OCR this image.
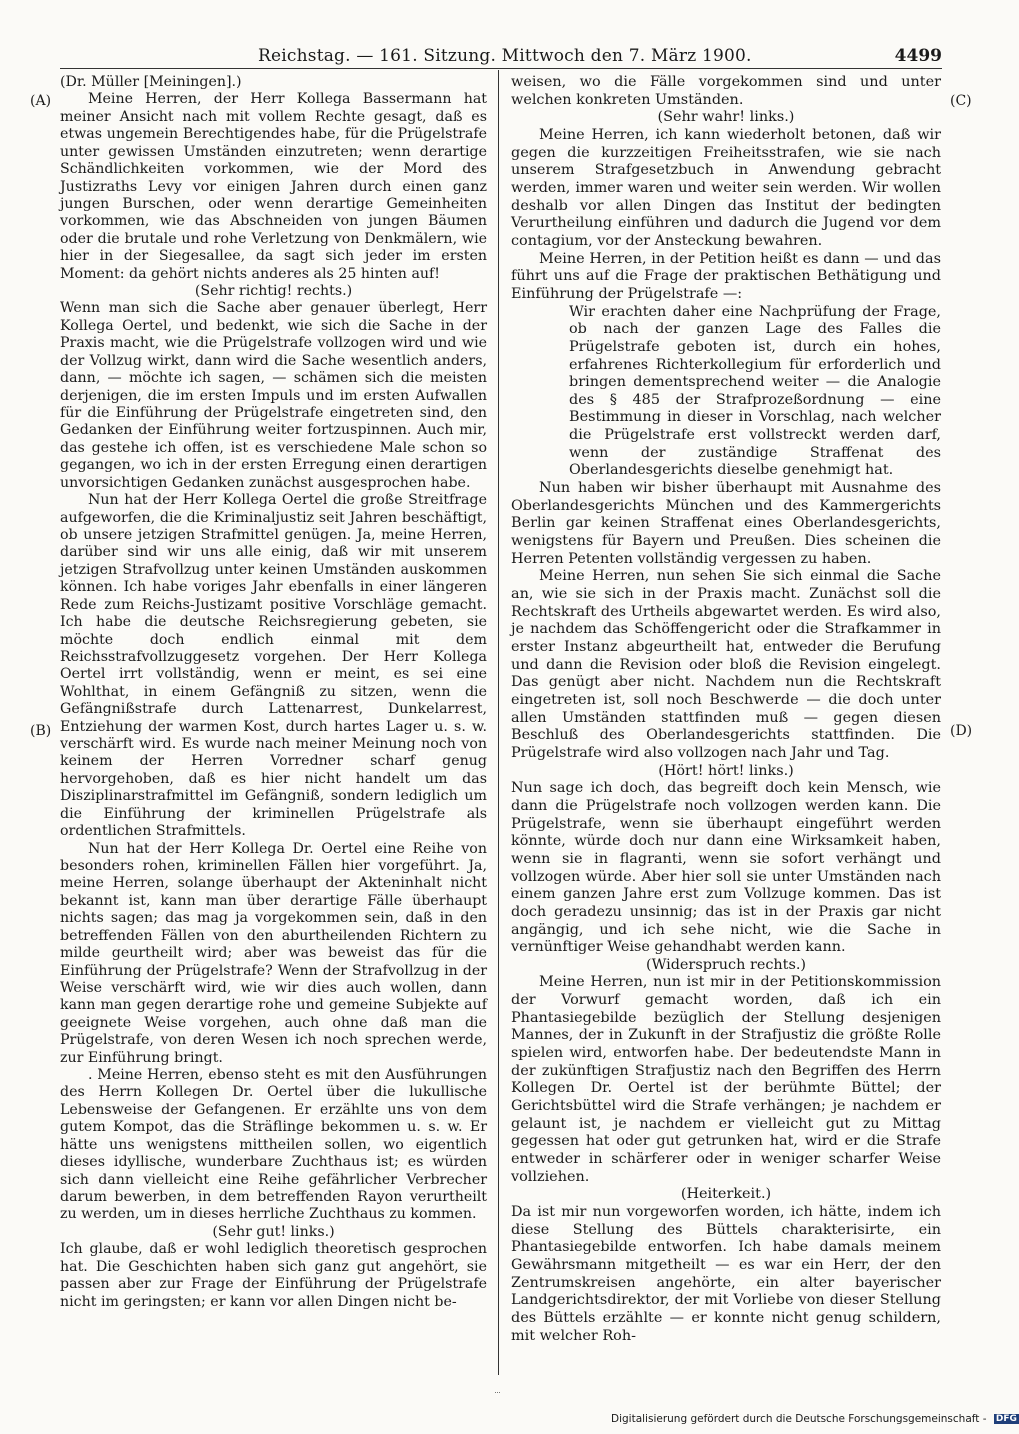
Reichstag. — 161. Sitzung. Mittwoch den 7. März 1900.	4499
(A)
(B)
(C)
(D)

(Dr. Müller [Meiningen].)

Meine Herren, der Herr Kollega Bassermann hat meiner Ansicht nach mit vollem Rechte gesagt, daß es etwas ungemein Berechtigendes habe, für die Prügelstrafe unter gewissen Umständen einzutreten; wenn derartige Schändlichkeiten vorkommen, wie der Mord des Justizraths Levy vor einigen Jahren durch einen ganz jungen Burschen, oder wenn derartige Gemeinheiten vorkommen, wie das Abschneiden von jungen Bäumen oder die brutale und rohe Verletzung von Denkmälern, wie hier in der Siegesallee, da sagt sich jeder im ersten Moment: da gehört nichts anderes als 25 hinten auf!

(Sehr richtig! rechts.)

Wenn man sich die Sache aber genauer überlegt, Herr Kollega Oertel, und bedenkt, wie sich die Sache in der Praxis macht, wie die Prügelstrafe vollzogen wird und wie der Vollzug wirkt, dann wird die Sache wesentlich anders, dann, — möchte ich sagen, — schämen sich die meisten derjenigen, die im ersten Impuls und im ersten Aufwallen für die Einführung der Prügelstrafe eingetreten sind, den Gedanken der Einführung weiter fortzuspinnen. Auch mir, das gestehe ich offen, ist es verschiedene Male schon so gegangen, wo ich in der ersten Erregung einen derartigen unvorsichtigen Gedanken zunächst ausgesprochen habe.

Nun hat der Herr Kollega Oertel die große Streitfrage aufgeworfen, die die Kriminaljustiz seit Jahren beschäftigt, ob unsere jetzigen Strafmittel genügen. Ja, meine Herren, darüber sind wir uns alle einig, daß wir mit unserem jetzigen Strafvollzug unter keinen Umständen auskommen können. Ich habe voriges Jahr ebenfalls in einer längeren Rede zum Reichs-Justizamt positive Vorschläge gemacht. Ich habe die deutsche Reichsregierung gebeten, sie möchte doch endlich einmal mit dem Reichsstrafvollzuggesetz vorgehen. Der Herr Kollega Oertel irrt vollständig, wenn er meint, es sei eine Wohlthat, in einem Gefängniß zu sitzen, wenn die Gefängnißstrafe durch Lattenarrest, Dunkelarrest, Entziehung der warmen Kost, durch hartes Lager u. s. w. verschärft wird. Es wurde nach meiner Meinung noch von keinem der Herren Vorredner scharf genug hervorgehoben, daß es hier nicht handelt um das Disziplinarstrafmittel im Gefängniß, sondern lediglich um die Einführung der kriminellen Prügelstrafe als ordentlichen Strafmittels.

Nun hat der Herr Kollega Dr. Oertel eine Reihe von besonders rohen, kriminellen Fällen hier vorgeführt. Ja, meine Herren, solange überhaupt der Akteninhalt nicht bekannt ist, kann man über derartige Fälle überhaupt nichts sagen; das mag ja vorgekommen sein, daß in den betreffenden Fällen von den aburtheilenden Richtern zu milde geurtheilt wird; aber was beweist das für die Einführung der Prügelstrafe? Wenn der Strafvollzug in der Weise verschärft wird, wie wir dies auch wollen, dann kann man gegen derartige rohe und gemeine Subjekte auf geeignete Weise vorgehen, auch ohne daß man die Prügelstrafe, von deren Wesen ich noch sprechen werde, zur Einführung bringt.

. Meine Herren, ebenso steht es mit den Ausführungen des Herrn Kollegen Dr. Oertel über die lukullische Lebensweise der Gefangenen. Er erzählte uns von dem gutem Kompot, das die Sträflinge bekommen u. s. w. Er hätte uns wenigstens mittheilen sollen, wo eigentlich dieses idyllische, wunderbare Zuchthaus ist; es würden sich dann vielleicht eine Reihe gefährlicher Verbrecher darum bewerben, in dem betreffenden Rayon verurtheilt zu werden, um in dieses herrliche Zuchthaus zu kommen.

(Sehr gut! links.)

Ich glaube, daß er wohl lediglich theoretisch gesprochen hat. Die Geschichten haben sich ganz gut angehört, sie passen aber zur Frage der Einführung der Prügelstrafe nicht im geringsten; er kann vor allen Dingen nicht be-

weisen, wo die Fälle vorgekommen sind und unter welchen konkreten Umständen.

(Sehr wahr! links.)

Meine Herren, ich kann wiederholt betonen, daß wir gegen die kurzzeitigen Freiheitsstrafen, wie sie nach unserem Strafgesetzbuch in Anwendung gebracht werden, immer waren und weiter sein werden. Wir wollen deshalb vor allen Dingen das Institut der bedingten Verurtheilung einführen und dadurch die Jugend vor dem contagium, vor der Ansteckung bewahren.

Meine Herren, in der Petition heißt es dann — und das führt uns auf die Frage der praktischen Bethätigung und Einführung der Prügelstrafe —:

Wir erachten daher eine Nachprüfung der Frage, ob nach der ganzen Lage des Falles die Prügelstrafe geboten ist, durch ein hohes, erfahrenes Richterkollegium für erforderlich und bringen dementsprechend weiter — die Analogie des § 485 der Strafprozeßordnung — eine Bestimmung in dieser in Vorschlag, nach welcher die Prügelstrafe erst vollstreckt werden darf, wenn der zuständige Straffenat des Oberlandesgerichts dieselbe genehmigt hat.

Nun haben wir bisher überhaupt mit Ausnahme des Oberlandesgerichts München und des Kammergerichts Berlin gar keinen Straffenat eines Oberlandesgerichts, wenigstens für Bayern und Preußen. Dies scheinen die Herren Petenten vollständig vergessen zu haben.

Meine Herren, nun sehen Sie sich einmal die Sache an, wie sie sich in der Praxis macht. Zunächst soll die Rechtskraft des Urtheils abgewartet werden. Es wird also, je nachdem das Schöffengericht oder die Strafkammer in erster Instanz abgeurtheilt hat, entweder die Berufung und dann die Revision oder bloß die Revision eingelegt. Das genügt aber nicht. Nachdem nun die Rechtskraft eingetreten ist, soll noch Beschwerde — die doch unter allen Umständen stattfinden muß — gegen diesen Beschluß des Oberlandesgerichts stattfinden. Die Prügelstrafe wird also vollzogen nach Jahr und Tag.

(Hört! hört! links.)

Nun sage ich doch, das begreift doch kein Mensch, wie dann die Prügelstrafe noch vollzogen werden kann. Die Prügelstrafe, wenn sie überhaupt eingeführt werden könnte, würde doch nur dann eine Wirksamkeit haben, wenn sie in flagranti, wenn sie sofort verhängt und vollzogen würde. Aber hier soll sie unter Umständen nach einem ganzen Jahre erst zum Vollzuge kommen. Das ist doch geradezu unsinnig; das ist in der Praxis gar nicht angängig, und ich sehe nicht, wie die Sache in vernünftiger Weise gehandhabt werden kann.

(Widerspruch rechts.)

Meine Herren, nun ist mir in der Petitionskommission der Vorwurf gemacht worden, daß ich ein Phantasiegebilde bezüglich der Stellung desjenigen Mannes, der in Zukunft in der Strafjustiz die größte Rolle spielen wird, entworfen habe. Der bedeutendste Mann in der zukünftigen Strafjustiz nach den Begriffen des Herrn Kollegen Dr. Oertel ist der berühmte Büttel; der Gerichtsbüttel wird die Strafe verhängen; je nachdem er gelaunt ist, je nachdem er vielleicht gut zu Mittag gegessen hat oder gut getrunken hat, wird er die Strafe entweder in schärferer oder in weniger scharfer Weise vollziehen.

(Heiterkeit.)

Da ist mir nun vorgeworfen worden, ich hätte, indem ich diese Stellung des Büttels charakterisirte, ein Phantasiegebilde entworfen. Ich habe damals meinem Gewährsmann mitgetheilt — es war ein Herr, der den Zentrumskreisen angehörte, ein alter bayerischer Landgerichtsdirektor, der mit Vorliebe von dieser Stellung des Büttels erzählte — er konnte nicht genug schildern, mit welcher Roh-

Digitalisierung gefördert durch die Deutsche Forschungsgemeinschaft - DFG
